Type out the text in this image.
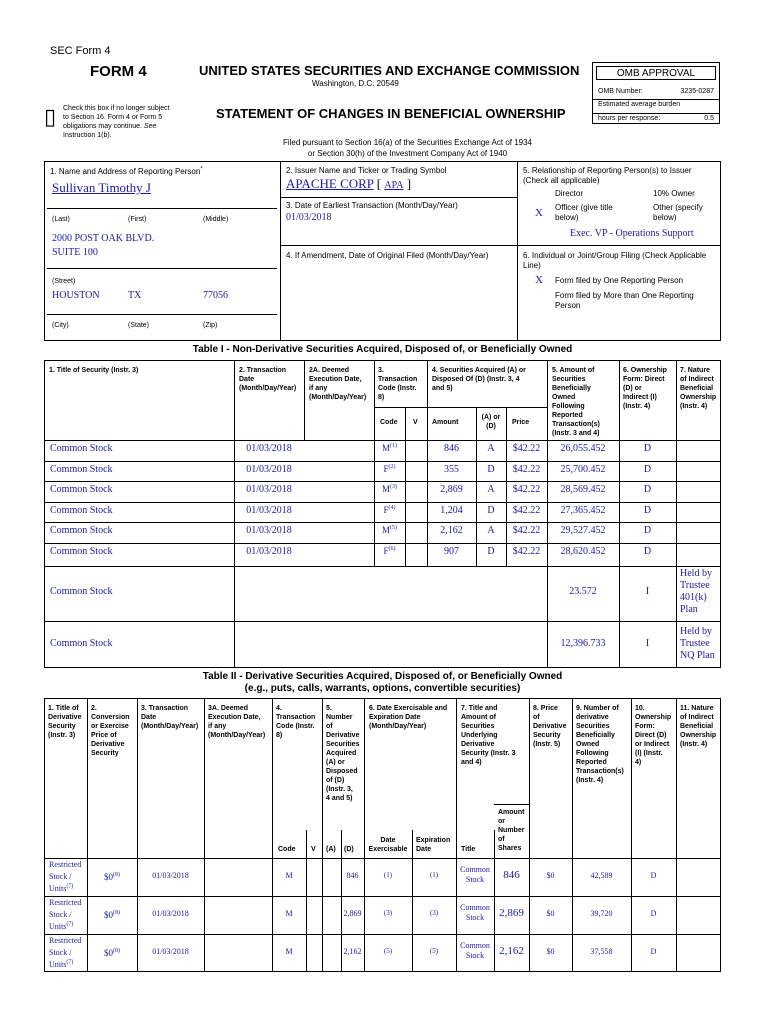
SEC Form 4
FORM 4	UNITED STATES SECURITIES AND EXCHANGE COMMISSION
Washington, D.C. 20549
STATEMENT OF CHANGES IN BENEFICIAL OWNERSHIP
▯ Check this box if no longer subject
to Section 16. Form 4 or Form 5
obligations may continue. See
Instruction 1(b).
Filed pursuant to Section 16(a) of the Securities Exchange Act of 1934
or Section 30(h) of the Investment Company Act of 1940
OMB APPROVAL
OMB Number:	3235-0287
Estimated average burden
hours per response:	0.5
1. Name and Address of Reporting Person*
Sullivan Timothy J
(Last)	(First)	(Middle)
2000 POST OAK BLVD.
SUITE 100
(Street)
HOUSTON	TX	77056
(City)	(State)	(Zip)
2. Issuer Name and Ticker or Trading Symbol
APACHE CORP [ APA ]
3. Date of Earliest Transaction (Month/Day/Year)
01/03/2018
4. If Amendment, Date of Original Filed (Month/Day/Year)
5. Relationship of Reporting Person(s) to Issuer
(Check all applicable)
Director	10% Owner
X Officer (give title
below)
Other (specify
below)
Exec. VP - Operations Support
6. Individual or Joint/Group Filing (Check Applicable
Line)
X Form filed by One Reporting Person
Form filed by More than One Reporting
Person
Table I - Non-Derivative Securities Acquired, Disposed of, or Beneficially Owned
1. Title of Security (Instr. 3)	2. Transaction
Date
(Month/Day/Year)
2A. Deemed
Execution Date,
if any
(Month/Day/Year)
3.
Transaction
Code (Instr.
8)
4. Securities Acquired (A) or
Disposed Of (D) (Instr. 3, 4
and 5)
5. Amount of
Securities
Beneficially
Owned
Following
Reported
Transaction(s)
(Instr. 3 and 4)
6. Ownership
Form: Direct
(D) or
Indirect (I)
(Instr. 4)
7. Nature
of Indirect
Beneficial
Ownership
(Instr. 4)
Code V Amount
(A) or
(D)
Price
Common Stock	01/03/2018	$M^{(1)}$	846	A	$42.22	26,055.452	D
Common Stock	01/03/2018	$F^{(2)}$	355	D	$42.22	25,700.452	D
Common Stock	01/03/2018	$M^{(3)}$	2,869	A	$42.22	28,569.452	D
Common Stock	01/03/2018	$F^{(4)}$	1,204	D	$42.22	27,365.452	D
Common Stock	01/03/2018	$M^{(5)}$	2,162	A	$42.22	29,527.452	D
Common Stock	01/03/2018	$F^{(6)}$	907	D	$42.22	28,620.452	D
Common Stock	23.572	I
Held by
Trustee
401(k)
Plan
Common Stock	12,396.733	I
Held by
Trustee
NQ Plan
Table II - Derivative Securities Acquired, Disposed of, or Beneficially Owned
(e.g., puts, calls, warrants, options, convertible securities)
1. Title of
Derivative
Security
(Instr. 3)
2.
Conversion
or Exercise
Price of
Derivative
Security
3. Transaction
Date
(Month/Day/Year)
3A. Deemed
Execution Date,
if any
(Month/Day/Year)
4.
Transaction
Code (Instr.
8)
5.
Number
of
Derivative
Securities
Acquired
(A) or
Disposed
of (D)
(Instr. 3,
4 and 5)
6. Date Exercisable and
Expiration Date
(Month/Day/Year)
7. Title and
Amount of
Securities
Underlying
Derivative
Security (Instr. 3
and 4)
8. Price
of
Derivative
Security
(Instr. 5)
9. Number of
derivative
Securities
Beneficially
Owned
Following
Reported
Transaction(s)
(Instr. 4)
10.
Ownership
Form:
Direct (D)
or Indirect
(I) (Instr.
4)
11. Nature
of Indirect
Beneficial
Ownership
(Instr. 4)
Code V (A) (D)
Date
Exercisable
Expiration
Date	Title
Amount
or
Number
of
Shares
Restricted
Stock /
Units$^{(7)}$
$0$^{(8)}$	01/03/2018	M	846	(1)	(1)
Common
Stock	846	$0	42,589	D
Restricted
Stock /
Units$^{(7)}$
$0$^{(8)}$	01/03/2018	M	2,869	(3)	(3)
Common
Stock	2,869	$0	39,720	D
Restricted
Stock /
Units$^{(7)}$
$0$^{(8)}$	01/03/2018	M	2,162	(5)	(5)
Common
Stock	2,162	$0	37,558	D
